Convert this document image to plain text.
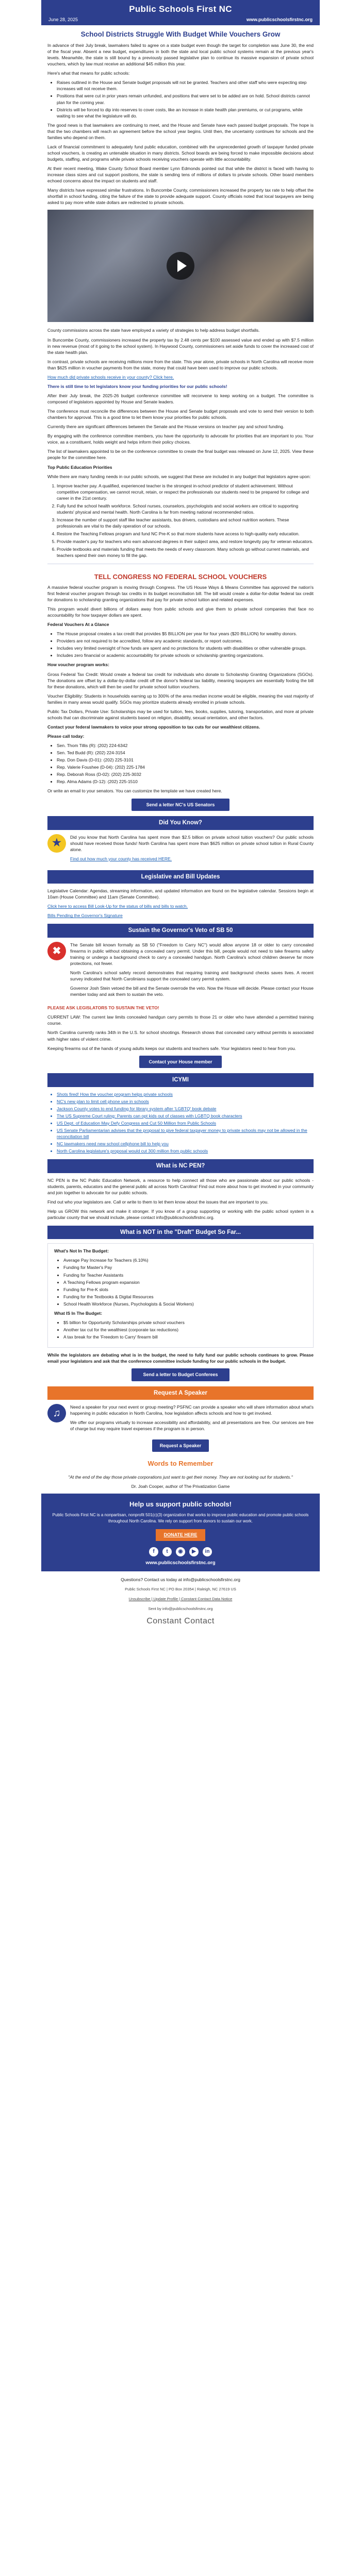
Public Schools First NC
June 28, 2025	www.publicschoolsfirstnc.org
School Districts Struggle With Budget While Vouchers Grow

In advance of their July break, lawmakers failed to agree on a state budget even though the target for completion was June 30, the end of the fiscal year. Absent a new budget, expenditures in both the state and local public school systems remain at the previous year's levels. Meanwhile, the state is still bound by a previously passed legislative plan to continue its massive expansion of private school vouchers, which by law must receive an additional $45 million this year.

Here's what that means for public schools:

• Raises outlined in the House and Senate budget proposals will not be granted. Teachers and other staff who were expecting step increases will not receive them.
• Positions that were cut in prior years remain unfunded, and positions that were set to be added are on hold. School districts cannot plan for the coming year.
• Districts will be forced to dip into reserves to cover costs, like an increase in state health plan premiums, or cut programs, while waiting to see what the legislature will do.

The good news is that lawmakers are continuing to meet, and the House and Senate have each passed budget proposals. The hope is that the two chambers will reach an agreement before the school year begins. Until then, the uncertainty continues for schools and the families who depend on them.

Lack of financial commitment to adequately fund public education, combined with the unprecedented growth of taxpayer funded private school vouchers, is creating an untenable situation in many districts. School boards are being forced to make impossible decisions about budgets, staffing, and programs while private schools receiving vouchers operate with little accountability.

At their recent meeting, Wake County School Board member Lynn Edmonds pointed out that while the district is faced with having to increase class sizes and cut support positions, the state is sending tens of millions of dollars to private schools. Other board members echoed concerns about the impact on students and staff.

Many districts have expressed similar frustrations. In Buncombe County, commissioners increased the property tax rate to help offset the shortfall in school funding, citing the failure of the state to provide adequate support. County officials noted that local taxpayers are being asked to pay more while state dollars are redirected to private schools.

County commissions across the state have employed a variety of strategies to help address budget shortfalls.

In Buncombe County, commissioners increased the property tax by 2.48 cents per $100 assessed value and ended up with $7.5 million in new revenue (most of it going to the school system). In Haywood County, commissioners set aside funds to cover the increased cost of the state health plan.

In contrast, private schools are receiving millions more from the state. This year alone, private schools in North Carolina will receive more than $625 million in voucher payments from the state, money that could have been used to improve our public schools.

How much did private schools receive in your county? Click here.

There is still time to let legislators know your funding priorities for our public schools!

After their July break, the 2025-26 budget conference committee will reconvene to keep working on a budget. The committee is composed of legislators appointed by House and Senate leaders.

The conference must reconcile the differences between the House and Senate budget proposals and vote to send their version to both chambers for approval. This is a good time to let them know your priorities for public schools.

Currently there are significant differences between the Senate and the House versions on teacher pay and school funding.

By engaging with the conference committee members, you have the opportunity to advocate for priorities that are important to you. Your voice, as a constituent, holds weight and helps inform their policy choices.

The list of lawmakers appointed to be on the conference committee to create the final budget was released on June 12, 2025. View these people for the committee here.

Top Public Education Priorities

While there are many funding needs in our public schools, we suggest that these are included in any budget that legislators agree upon:

1. Improve teacher pay. A qualified, experienced teacher is the strongest in-school predictor of student achievement. Without competitive compensation, we cannot recruit, retain, or respect the professionals our students need to be prepared for college and career in the 21st century.
2. Fully fund the school health workforce. School nurses, counselors, psychologists and social workers are critical to supporting students' physical and mental health. North Carolina is far from meeting national recommended ratios.
3. Increase the number of support staff like teacher assistants, bus drivers, custodians and school nutrition workers. These professionals are vital to the daily operation of our schools.
4. Restore the Teaching Fellows program and fund NC Pre-K so that more students have access to high-quality early education.
5. Provide master's pay for teachers who earn advanced degrees in their subject area, and restore longevity pay for veteran educators.
6. Provide textbooks and materials funding that meets the needs of every classroom. Many schools go without current materials, and teachers spend their own money to fill the gap.
TELL CONGRESS NO FEDERAL SCHOOL VOUCHERS

A massive federal voucher program is moving through Congress. The US House Ways & Means Committee has approved the nation's first federal voucher program through tax credits in its budget reconciliation bill. The bill would create a dollar-for-dollar federal tax credit for donations to scholarship granting organizations that pay for private school tuition and related expenses.

This program would divert billions of dollars away from public schools and give them to private school companies that face no accountability for how taxpayer dollars are spent.

Federal Vouchers At a Glance

• The House proposal creates a tax credit that provides $5 BILLION per year for four years ($20 BILLION) for wealthy donors.
• Providers are not required to be accredited, follow any academic standards, or report outcomes.
• Includes very limited oversight of how funds are spent and no protections for students with disabilities or other vulnerable groups.
• Includes zero financial or academic accountability for private schools or scholarship granting organizations.

How voucher program works:

Gross Federal Tax Credit: Would create a federal tax credit for individuals who donate to Scholarship Granting Organizations (SGOs). The donations are offset by a dollar-by-dollar credit off the donor's federal tax liability, meaning taxpayers are essentially footing the bill for these donations, which will then be used for private school tuition vouchers.

Voucher Eligibility: Students in households earning up to 300% of the area median income would be eligible, meaning the vast majority of families in many areas would qualify. SGOs may prioritize students already enrolled in private schools.

Public Tax Dollars, Private Use: Scholarships may be used for tuition, fees, books, supplies, tutoring, transportation, and more at private schools that can discriminate against students based on religion, disability, sexual orientation, and other factors.

Contact your federal lawmakers to voice your strong opposition to tax cuts for our wealthiest citizens.

Please call today:

• Sen. Thom Tillis (R): (202) 224-6342
• Sen. Ted Budd (R): (202) 224-3154
• Rep. Don Davis (D-01): (202) 225-3101
• Rep. Valerie Foushee (D-04): (202) 225-1784
• Rep. Deborah Ross (D-02): (202) 225-3032
• Rep. Alma Adams (D-12): (202) 225-1510

Or write an email to your senators. You can customize the template we have created here.

Send a letter NC's US Senators
Did You Know?
★

Did you know that North Carolina has spent more than $2.5 billion on private school tuition vouchers? Our public schools should have received those funds! North Carolina has spent more than $625 million on private school tuition in Rural County alone.

Find out how much your county has received HERE.

Legislative and Bill Updates

Legislative Calendar: Agendas, streaming information, and updated information are found on the legislative calendar. Sessions begin at 10am (House Committee) and 11am (Senate Committee).

Click here to access Bill Look-Up for the status of bills and bills to watch.

Bills Pending the Governor's Signature

Sustain the Governor's Veto of SB 50
✖

The Senate bill known formally as SB 50 ("Freedom to Carry NC") would allow anyone 18 or older to carry concealed firearms in public without obtaining a concealed carry permit. Under this bill, people would not need to take firearms safety training or undergo a background check to carry a concealed handgun. North Carolina's school children deserve far more protections, not fewer.

North Carolina's school safety record demonstrates that requiring training and background checks saves lives. A recent survey indicated that North Carolinians support the concealed carry permit system.

Governor Josh Stein vetoed the bill and the Senate overrode the veto. Now the House will decide. Please contact your House member today and ask them to sustain the veto.

PLEASE ASK LEGISLATORS TO SUSTAIN THE VETO!

CURRENT LAW: The current law limits concealed handgun carry permits to those 21 or older who have attended a permitted training course.

North Carolina currently ranks 34th in the U.S. for school shootings. Research shows that concealed carry without permits is associated with higher rates of violent crime.

Keeping firearms out of the hands of young adults keeps our students and teachers safe. Your legislators need to hear from you.

Contact your House member
ICYMI
• Shots fired! How the voucher program helps private schools
• NC's new plan to limit cell phone use in schools
• Jackson County votes to end funding for library system after 'LGBTQ' book debate
• The US Supreme Court ruling: Parents can opt kids out of classes with LGBTQ book characters
• US Dept. of Education May Defy Congress and Cut 50 Million from Public Schools
• US Senate Parliamentarian advises that the proposal to give federal taxpayer money to private schools may not be allowed in the reconciliation bill
• NC lawmakers need new school cellphone bill to help you
• North Carolina legislature's proposal would cut 300 million from public schools
What is NC PEN?

NC PEN is the NC Public Education Network, a resource to help connect all those who are passionate about our public schools - students, parents, educators and the general public all across North Carolina! Find out more about how to get involved in your community and join together to advocate for our public schools.

Find out who your legislators are. Call or write to them to let them know about the issues that are important to you.

Help us GROW this network and make it stronger. If you know of a group supporting or working with the public school system in a particular county that we should include, please contact info@publicschoolsfirstnc.org.

What is NOT in the "Draft" Budget So Far...

What's Not In The Budget:

• Average Pay Increase for Teachers (6.10%)
• Funding for Master's Pay
• Funding for Teacher Assistants
• A Teaching Fellows program expansion
• Funding for Pre-K slots
• Funding for the Textbooks & Digital Resources
• School Health Workforce (Nurses, Psychologists & Social Workers)

What IS In The Budget:

• $5 billion for Opportunity Scholarships private school vouchers
• Another tax cut for the wealthiest (corporate tax reductions)
• A tax break for the 'Freedom to Carry' firearm bill

While the legislators are debating what is in the budget, the need to fully fund our public schools continues to grow. Please email your legislators and ask that the conference committee include funding for our public schools in the budget.

Send a letter to Budget Conferees
Request A Speaker
♫

Need a speaker for your next event or group meeting? PSFNC can provide a speaker who will share information about what's happening in public education in North Carolina, how legislation affects schools and how to get involved.

We offer our programs virtually to increase accessibility and affordability, and all presentations are free. Our services are free of charge but may require travel expenses if the program is in person.

Request a Speaker
Words to Remember
"At the end of the day those private corporations just want to get their money. They are not looking out for students."
Dr. Joah Cooper, author of The Privatization Game
Help us support public schools!

Public Schools First NC is a nonpartisan, nonprofit 501(c)(3) organization that works to improve public education and promote public schools throughout North Carolina. We rely on support from donors to sustain our work.

DONATE HERE
f	t	◉	▶	in
www.publicschoolsfirstnc.org
Questions? Contact us today at info@publicschoolsfirstnc.org
Public Schools First NC | PO Box 20354 | Raleigh, NC 27619 US
Unsubscribe | Update Profile | Constant Contact Data Notice
Sent by info@publicschoolsfirstnc.org
Constant Contact
